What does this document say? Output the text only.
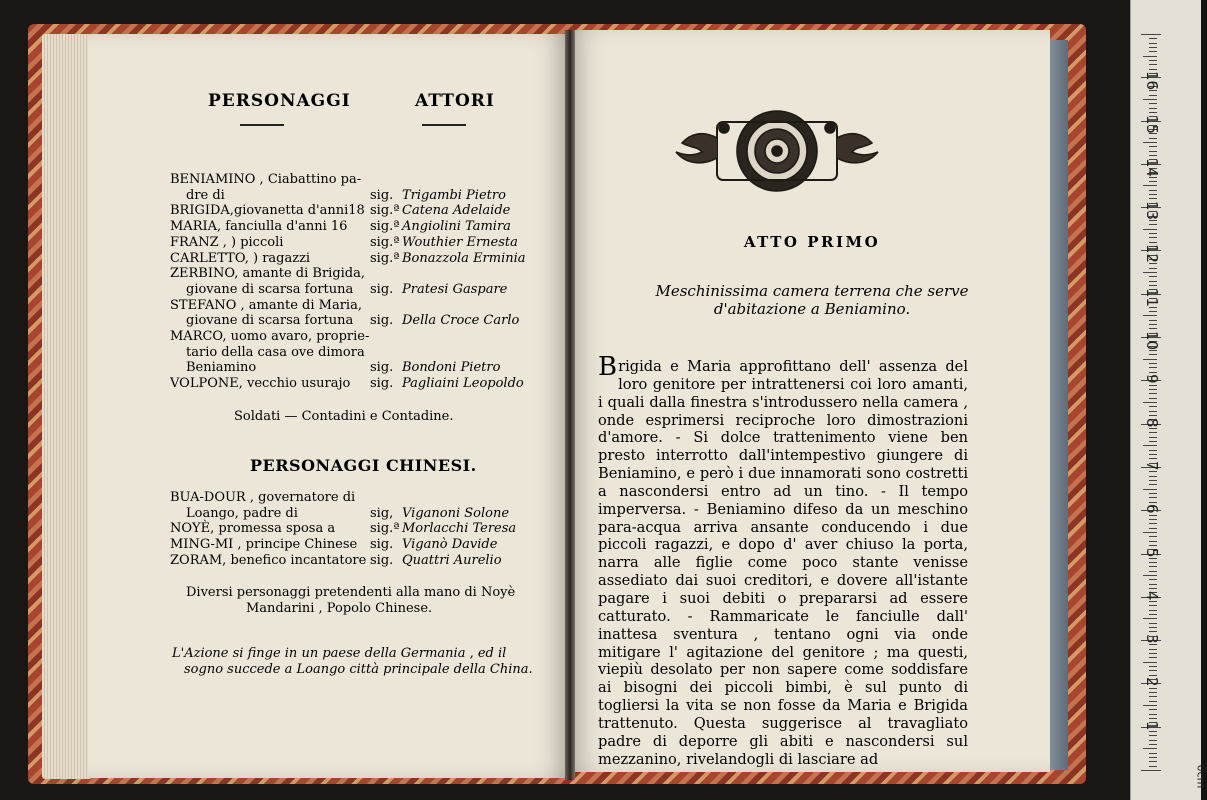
PERSONAGGI	ATTORI
BENIAMINO , Ciabattino pa-
dre di	sig. Trigambi Pietro
BRIGIDA,giovanetta d'anni18 sig.ª Catena Adelaide
MARIA, fanciulla d'anni 16 sig.ª Angiolini Tamira
FRANZ , ) piccoli	sig.ª Wouthier Ernesta
CARLETTO, ) ragazzi	sig.ª Bonazzola Erminia
ZERBINO, amante di Brigida,
giovane di scarsa fortuna sig. Pratesi Gaspare
STEFANO , amante di Maria,
giovane di scarsa fortuna sig. Della Croce Carlo
MARCO, uomo avaro, proprie-
tario della casa ove dimora
Beniamino	sig. Bondoni Pietro
VOLPONE, vecchio usurajo sig. Pagliaini Leopoldo
Soldati — Contadini e Contadine.
PERSONAGGI CHINESI.
BUA-DOUR , governatore di
Loango, padre di	sig, Viganoni Solone
NOYÈ, promessa sposa a	sig.ª Morlacchi Teresa
MING-MI , principe Chinese sig. Viganò Davide
ZORAM, benefico incantatore sig. Quattri Aurelio
Diversi personaggi pretendenti alla mano di Noyè
Mandarini , Popolo Chinese.
L'Azione si finge in un paese della Germania , ed il
sogno succede a Loango città principale della China.
ATTO PRIMO
Meschinissima camera terrena che serve
d'abitazione a Beniamino.
Brigida e Maria approfittano dell' assenza del loro genitore per intrattenersi coi loro amanti, i quali dalla finestra s'introdussero nella camera , onde esprimersi reciproche loro dimostrazioni d'amore. - Si dolce trattenimento viene ben presto interrotto dall'intempestivo giungere di Beniamino, e però i due innamorati sono costretti a nascondersi entro ad un tino. - Il tempo imperversa. - Beniamino difeso da un meschino para-acqua arriva ansante conducendo i due piccoli ragazzi, e dopo d' aver chiuso la porta, narra alle figlie come poco stante venisse assediato dai suoi creditori, e dovere all'istante pagare i suoi debiti o prepararsi ad essere catturato. - Rammaricate le fanciulle dall' inattesa sventura , tentano ogni via onde mitigare l' agitazione del genitore ; ma questi, viepiù desolato per non sapere come soddisfare ai bisogni dei piccoli bimbi, è sul punto di togliersi la vita se non fosse da Maria e Brigida trattenuto. Questa suggerisce al travagliato padre di deporre gli abiti e nascondersi sul mezzanino, rivelandogli di lasciare ad
16
15
14
13
12
11
10
9
8
7
6
5
4
3
2
1
0cm
